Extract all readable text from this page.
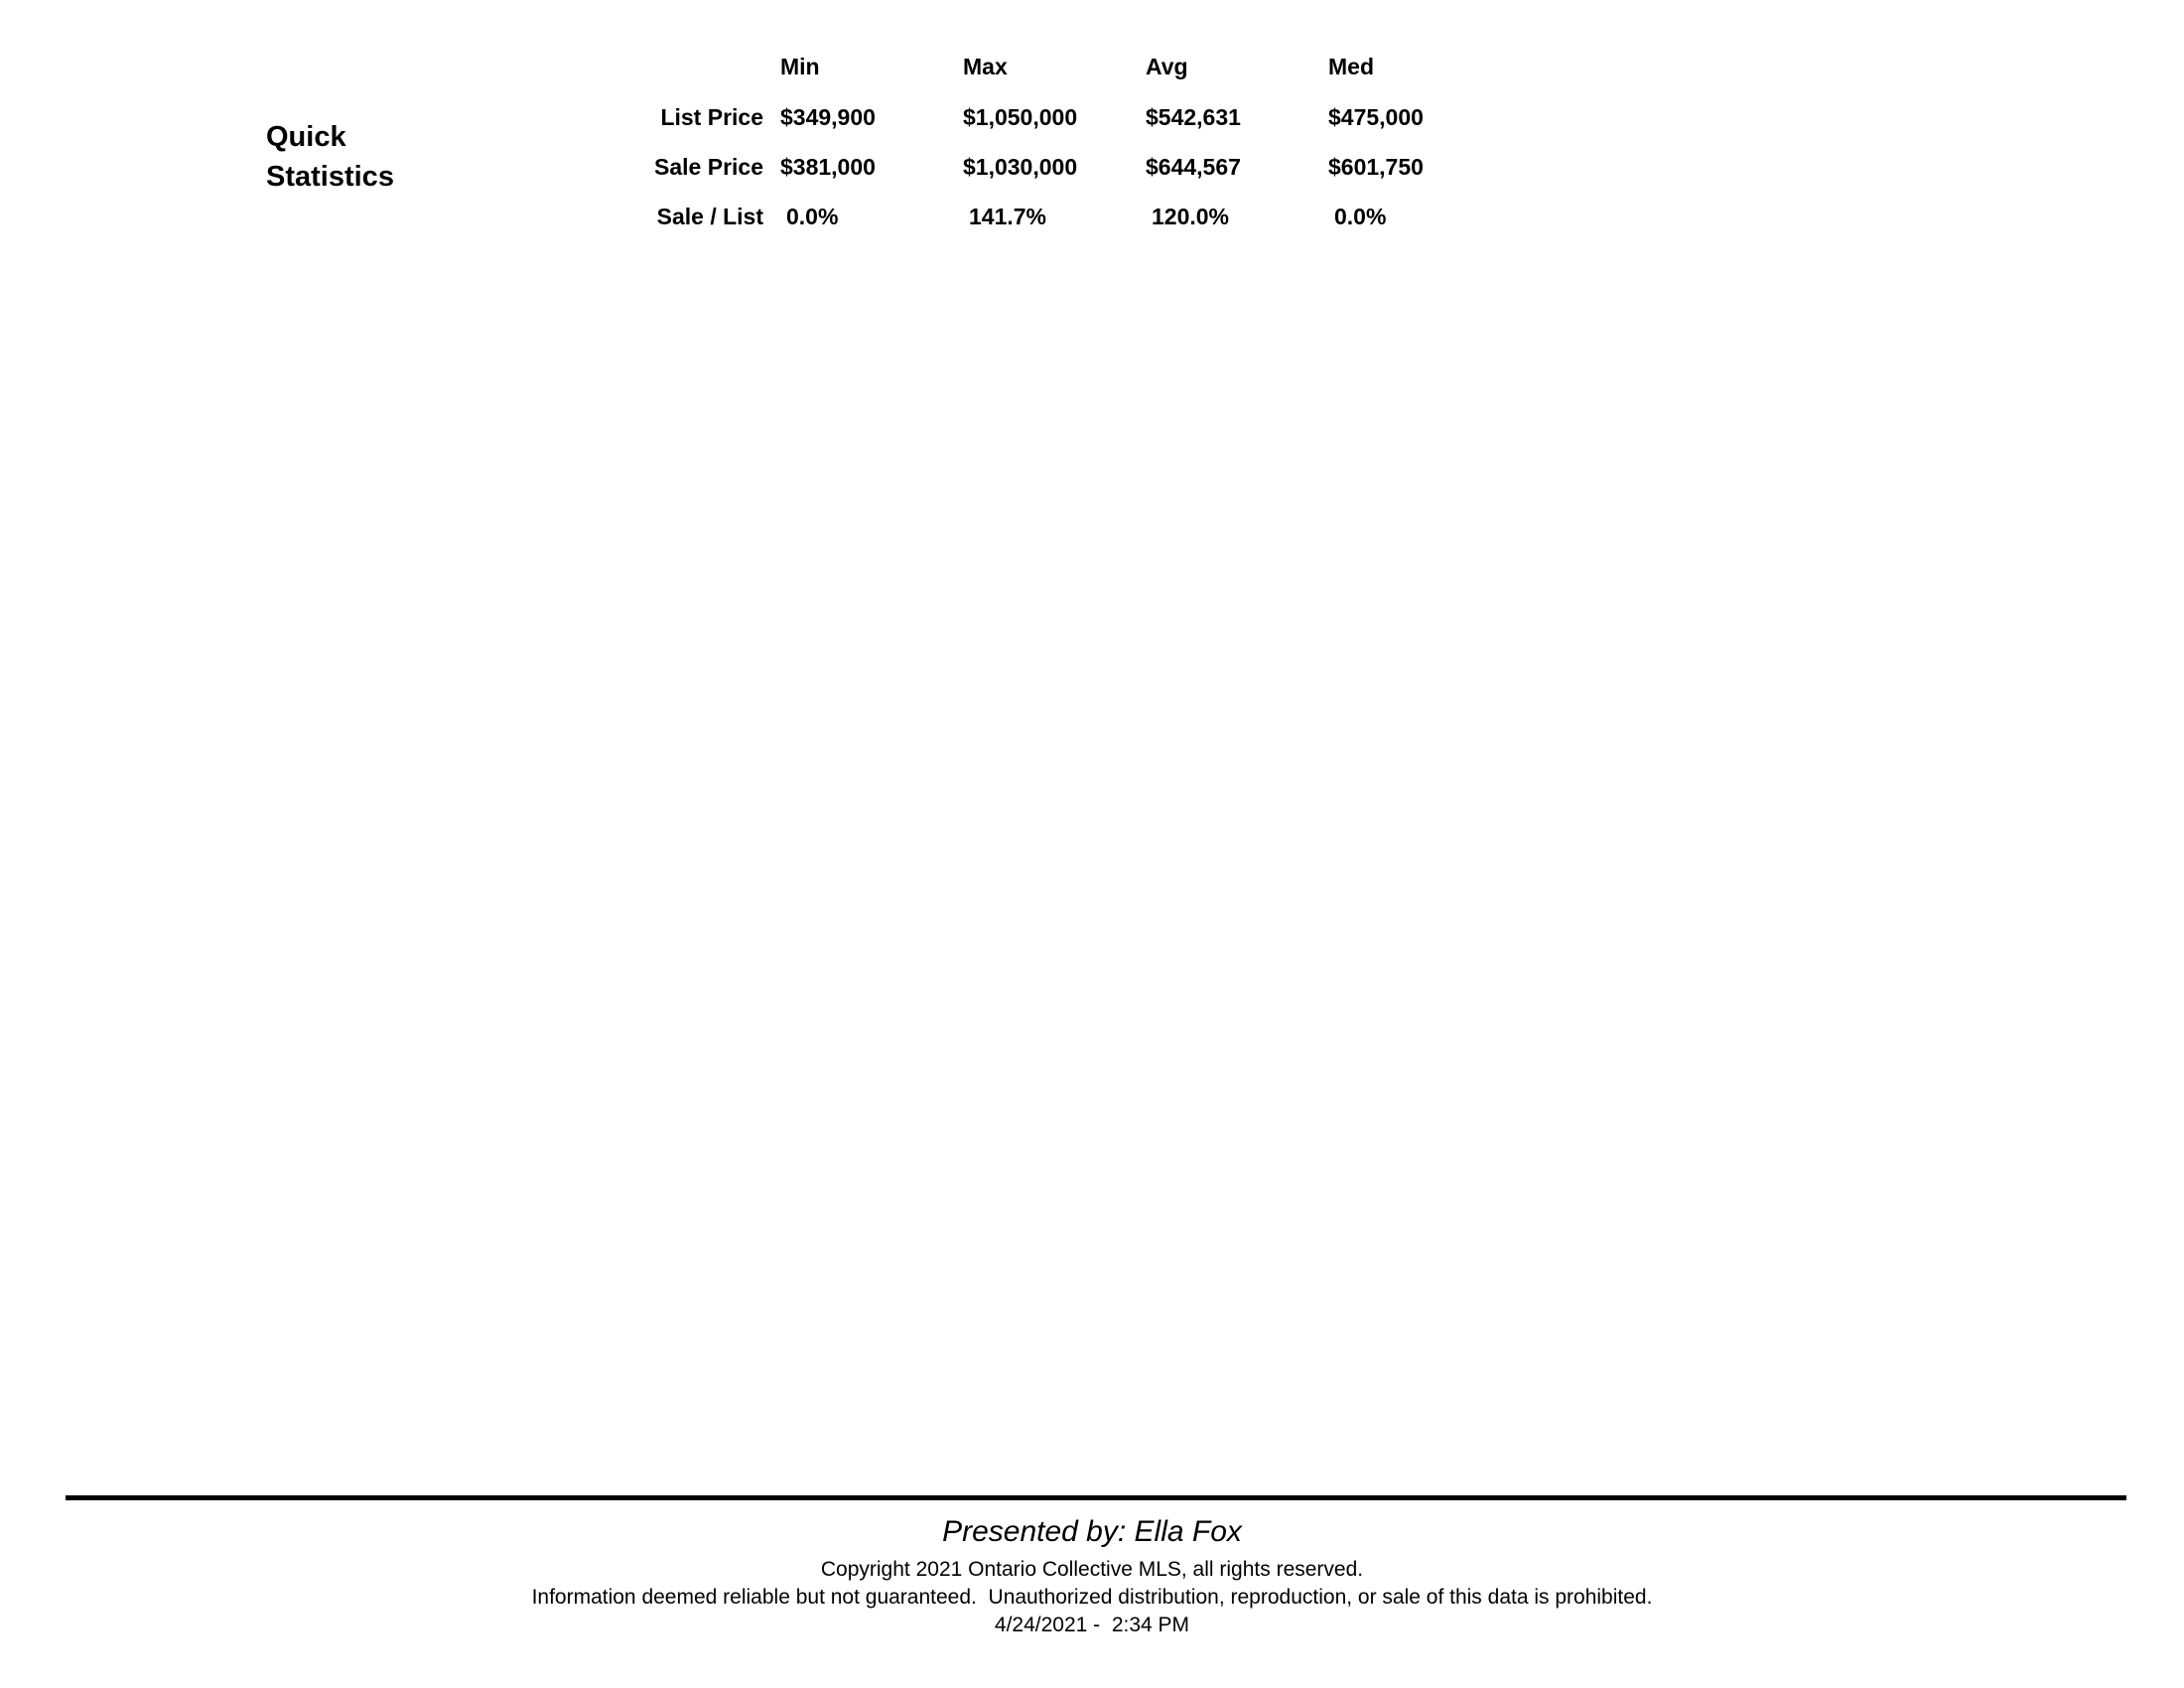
Quick
Statistics
Min	Max	Avg	Med
List Price $349,900	$1,050,000	$542,631	$475,000
Sale Price $381,000	$1,030,000	$644,567	$601,750
Sale / List 0.0%	141.7%	120.0%	0.0%
Presented by: Ella Fox
Copyright 2021 Ontario Collective MLS, all rights reserved.
Information deemed reliable but not guaranteed.  Unauthorized distribution, reproduction, or sale of this data is prohibited.
4/24/2021 -  2:34 PM
